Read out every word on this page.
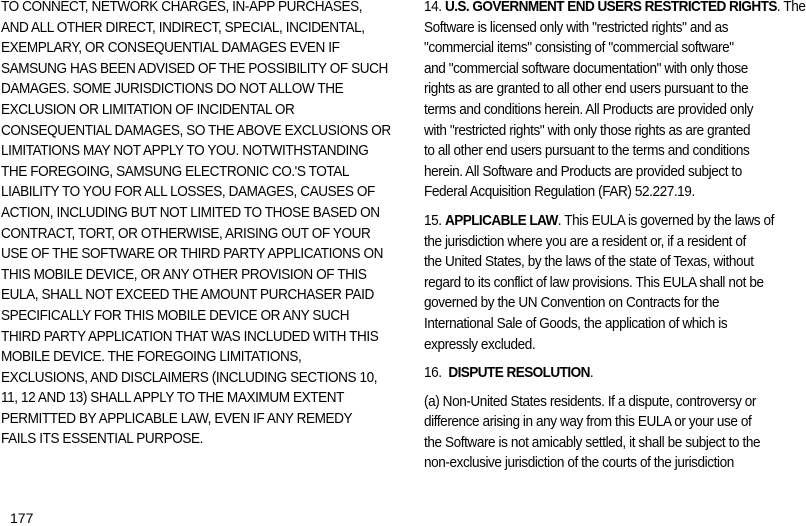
TO CONNECT, NETWORK CHARGES, IN-APP PURCHASES,
AND ALL OTHER DIRECT, INDIRECT, SPECIAL, INCIDENTAL,
EXEMPLARY, OR CONSEQUENTIAL DAMAGES EVEN IF
SAMSUNG HAS BEEN ADVISED OF THE POSSIBILITY OF SUCH
DAMAGES. SOME JURISDICTIONS DO NOT ALLOW THE
EXCLUSION OR LIMITATION OF INCIDENTAL OR
CONSEQUENTIAL DAMAGES, SO THE ABOVE EXCLUSIONS OR
LIMITATIONS MAY NOT APPLY TO YOU. NOTWITHSTANDING
THE FOREGOING, SAMSUNG ELECTRONIC CO.'S TOTAL
LIABILITY TO YOU FOR ALL LOSSES, DAMAGES, CAUSES OF
ACTION, INCLUDING BUT NOT LIMITED TO THOSE BASED ON
CONTRACT, TORT, OR OTHERWISE, ARISING OUT OF YOUR
USE OF THE SOFTWARE OR THIRD PARTY APPLICATIONS ON
THIS MOBILE DEVICE, OR ANY OTHER PROVISION OF THIS
EULA, SHALL NOT EXCEED THE AMOUNT PURCHASER PAID
SPECIFICALLY FOR THIS MOBILE DEVICE OR ANY SUCH
THIRD PARTY APPLICATION THAT WAS INCLUDED WITH THIS
MOBILE DEVICE. THE FOREGOING LIMITATIONS,
EXCLUSIONS, AND DISCLAIMERS (INCLUDING SECTIONS 10,
11, 12 AND 13) SHALL APPLY TO THE MAXIMUM EXTENT
PERMITTED BY APPLICABLE LAW, EVEN IF ANY REMEDY
FAILS ITS ESSENTIAL PURPOSE.
14. U.S. GOVERNMENT END USERS RESTRICTED RIGHTS. The
Software is licensed only with "restricted rights" and as
"commercial items" consisting of "commercial software"
and "commercial software documentation" with only those
rights as are granted to all other end users pursuant to the
terms and conditions herein. All Products are provided only
with "restricted rights" with only those rights as are granted
to all other end users pursuant to the terms and conditions
herein. All Software and Products are provided subject to
Federal Acquisition Regulation (FAR) 52.227.19.
15. APPLICABLE LAW. This EULA is governed by the laws of
the jurisdiction where you are a resident or, if a resident of
the United States, by the laws of the state of Texas, without
regard to its conflict of law provisions. This EULA shall not be
governed by the UN Convention on Contracts for the
International Sale of Goods, the application of which is
expressly excluded.
16. DISPUTE RESOLUTION.
(a) Non-United States residents. If a dispute, controversy or
difference arising in any way from this EULA or your use of
the Software is not amicably settled, it shall be subject to the
non-exclusive jurisdiction of the courts of the jurisdiction
177
